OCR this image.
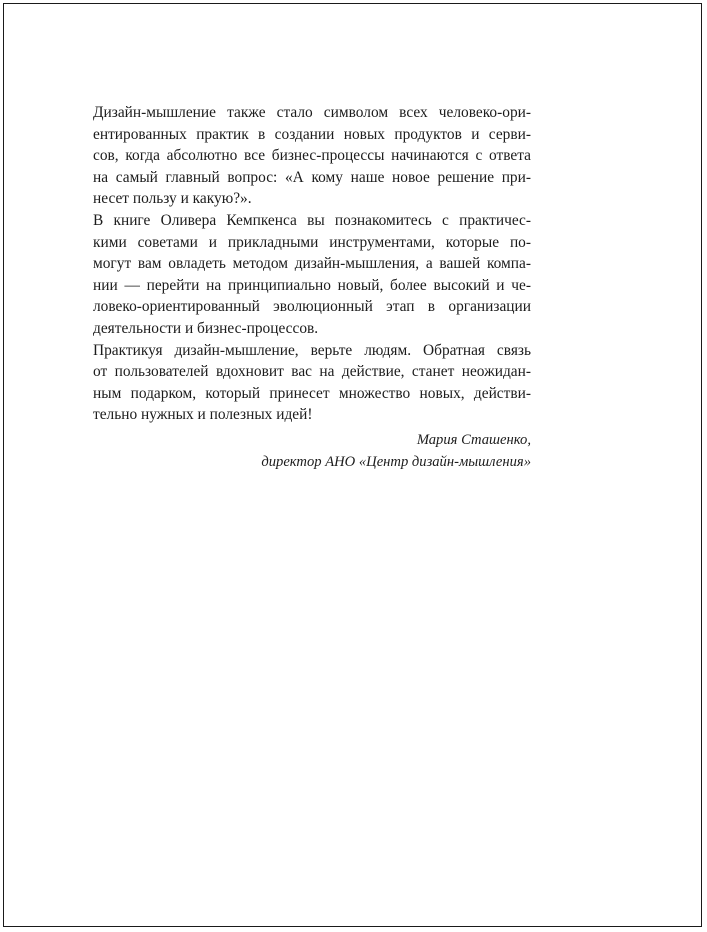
Дизайн-мышление также стало символом всех человеко-ори-
ентированных практик в создании новых продуктов и серви-
сов, когда абсолютно все бизнес-процессы начинаются с ответа
на самый главный вопрос: «А кому наше новое решение при-
несет пользу и какую?».
В книге Оливера Кемпкенса вы познакомитесь с практичес-
кими советами и прикладными инструментами, которые по-
могут вам овладеть методом дизайн-мышления, а вашей компа-
нии — перейти на принципиально новый, более высокий и че-
ловеко-ориентированный эволюционный этап в организации
деятельности и бизнес-процессов.
Практикуя дизайн-мышление, верьте людям. Обратная связь
от пользователей вдохновит вас на действие, станет неожидан-
ным подарком, который принесет множество новых, действи-
тельно нужных и полезных идей!
Мария Сташенко,
директор АНО «Центр дизайн-мышления»
